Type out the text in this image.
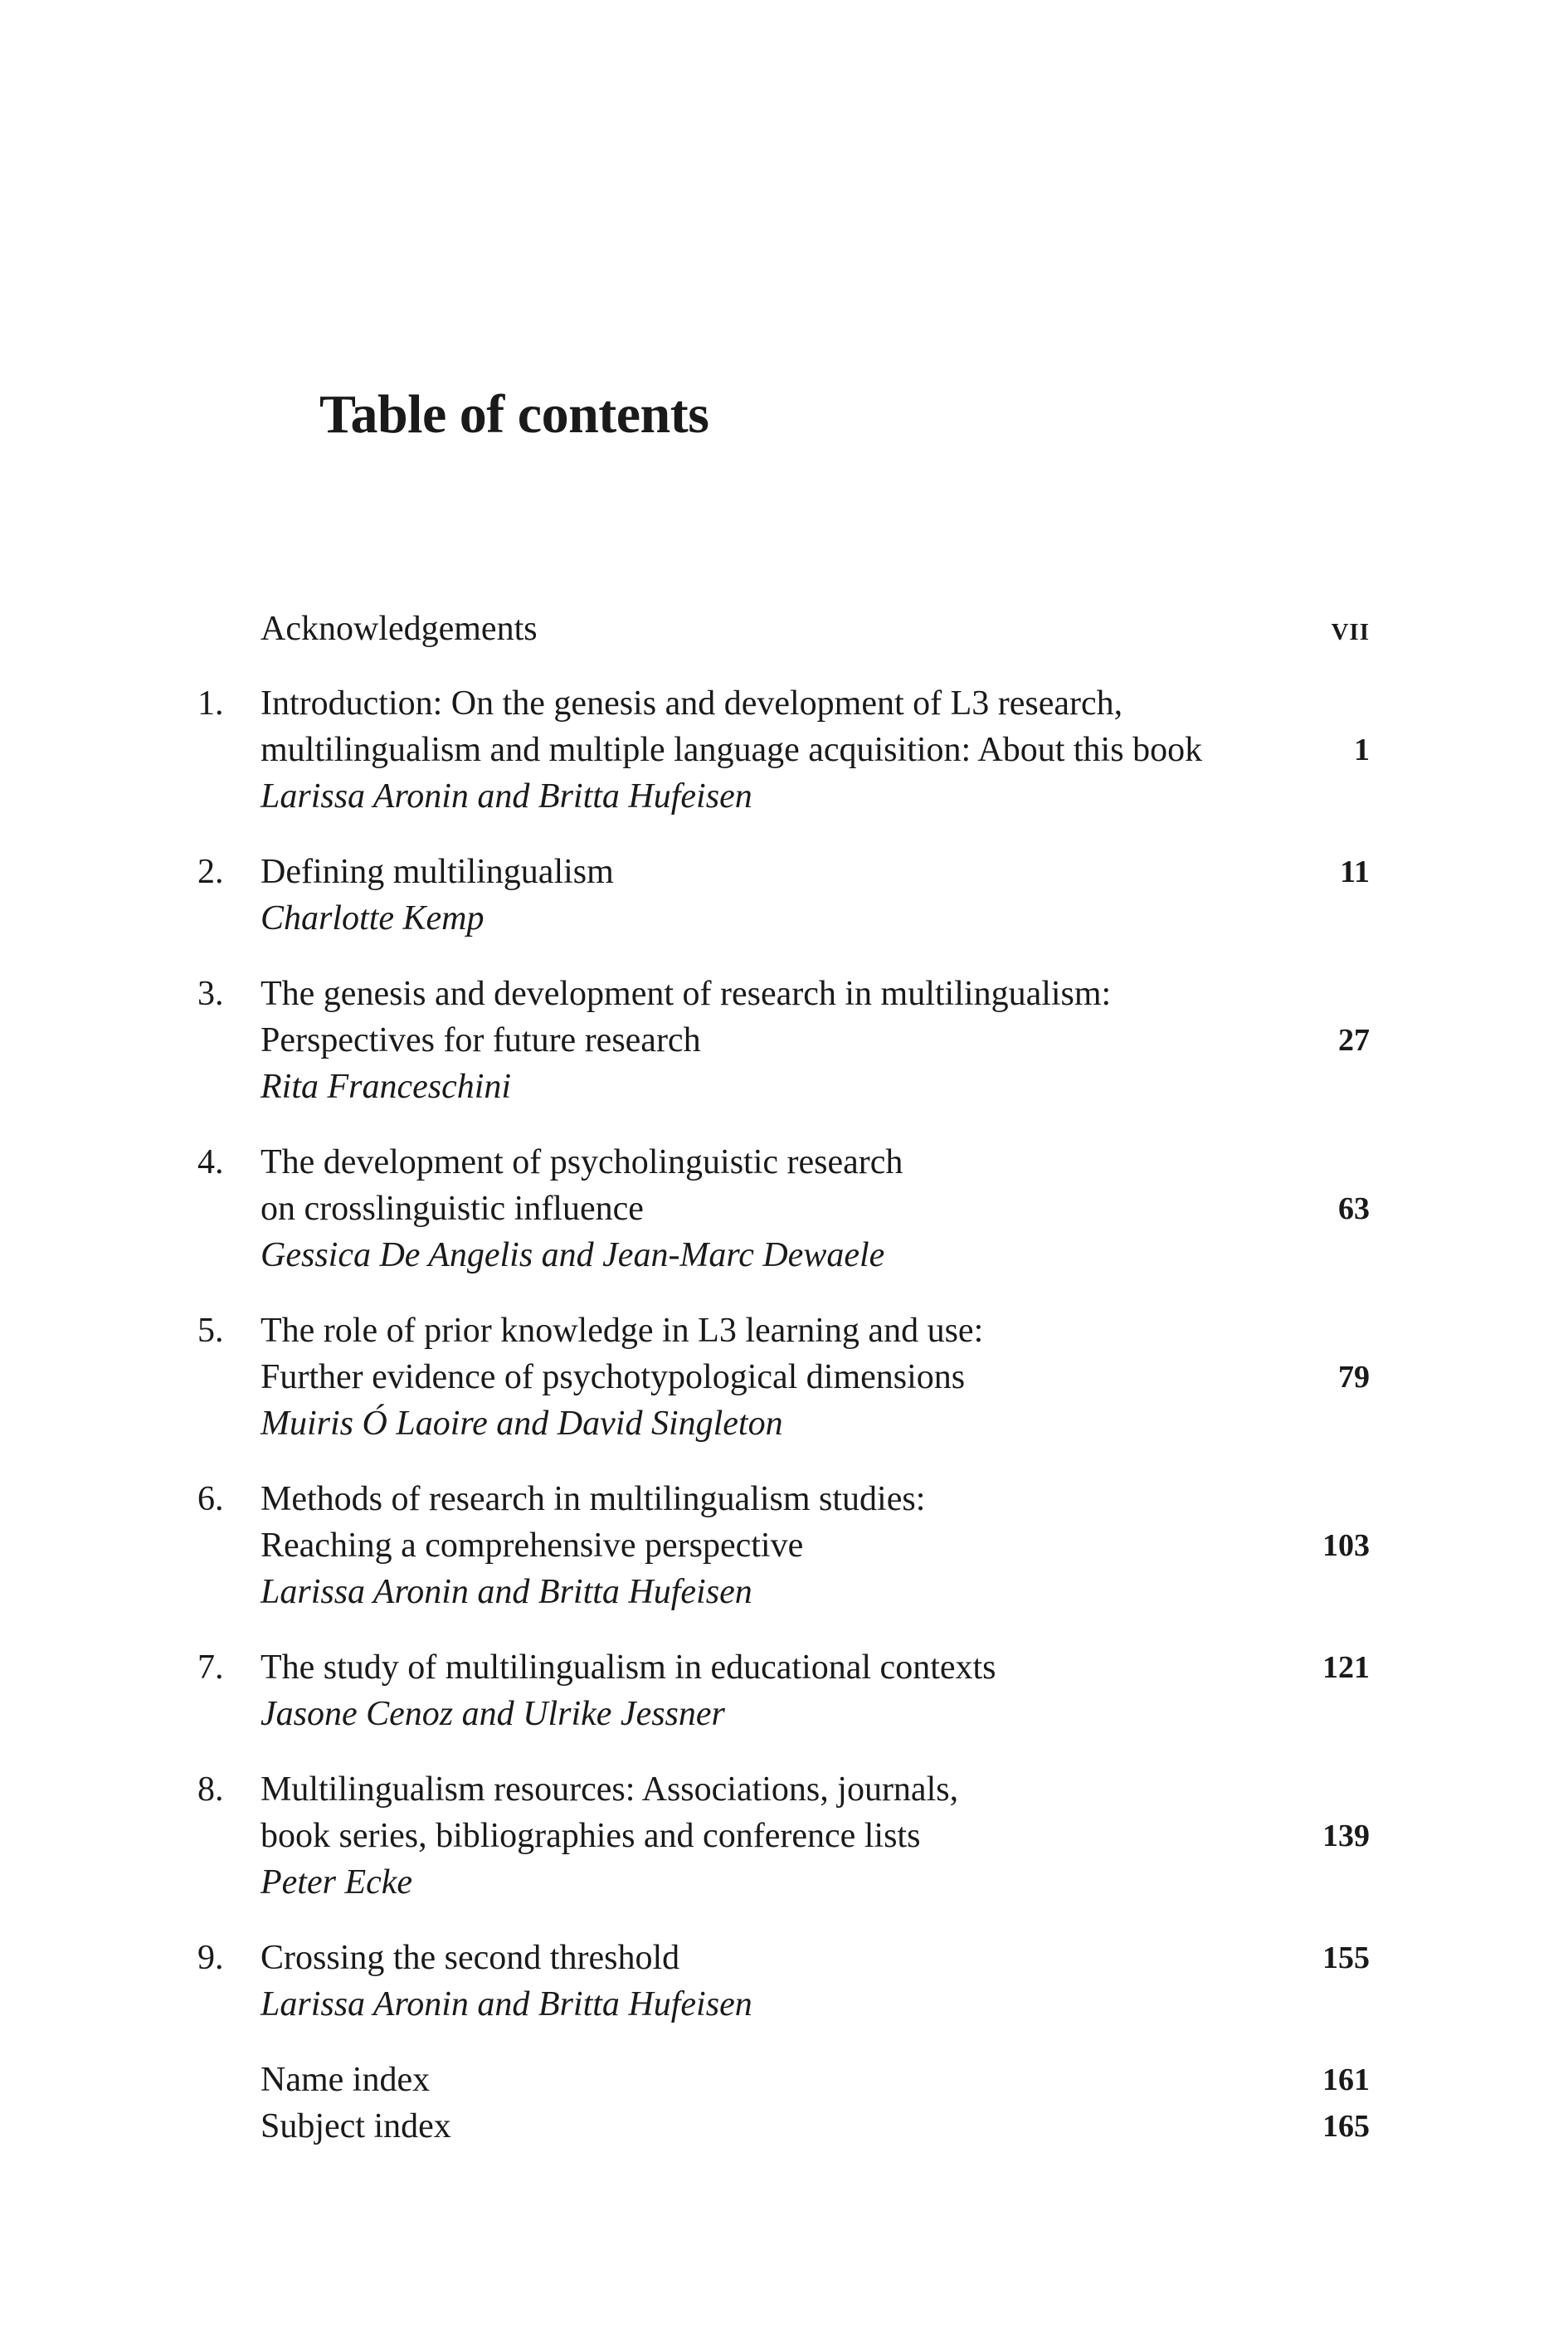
Table of contents
Acknowledgements	vii
1. Introduction: On the genesis and development of L3 research,
multilingualism and multiple language acquisition: About this book	1
Larissa Aronin and Britta Hufeisen
2. Defining multilingualism	11
Charlotte Kemp
3. The genesis and development of research in multilingualism:
Perspectives for future research	27
Rita Franceschini
4. The development of psycholinguistic research
on crosslinguistic influence	63
Gessica De Angelis and Jean-Marc Dewaele
5. The role of prior knowledge in L3 learning and use:
Further evidence of psychotypological dimensions	79
Muiris Ó Laoire and David Singleton
6. Methods of research in multilingualism studies:
Reaching a comprehensive perspective	103
Larissa Aronin and Britta Hufeisen
7. The study of multilingualism in educational contexts	121
Jasone Cenoz and Ulrike Jessner
8. Multilingualism resources: Associations, journals,
book series, bibliographies and conference lists	139
Peter Ecke
9. Crossing the second threshold	155
Larissa Aronin and Britta Hufeisen
Name index	161
Subject index	165
